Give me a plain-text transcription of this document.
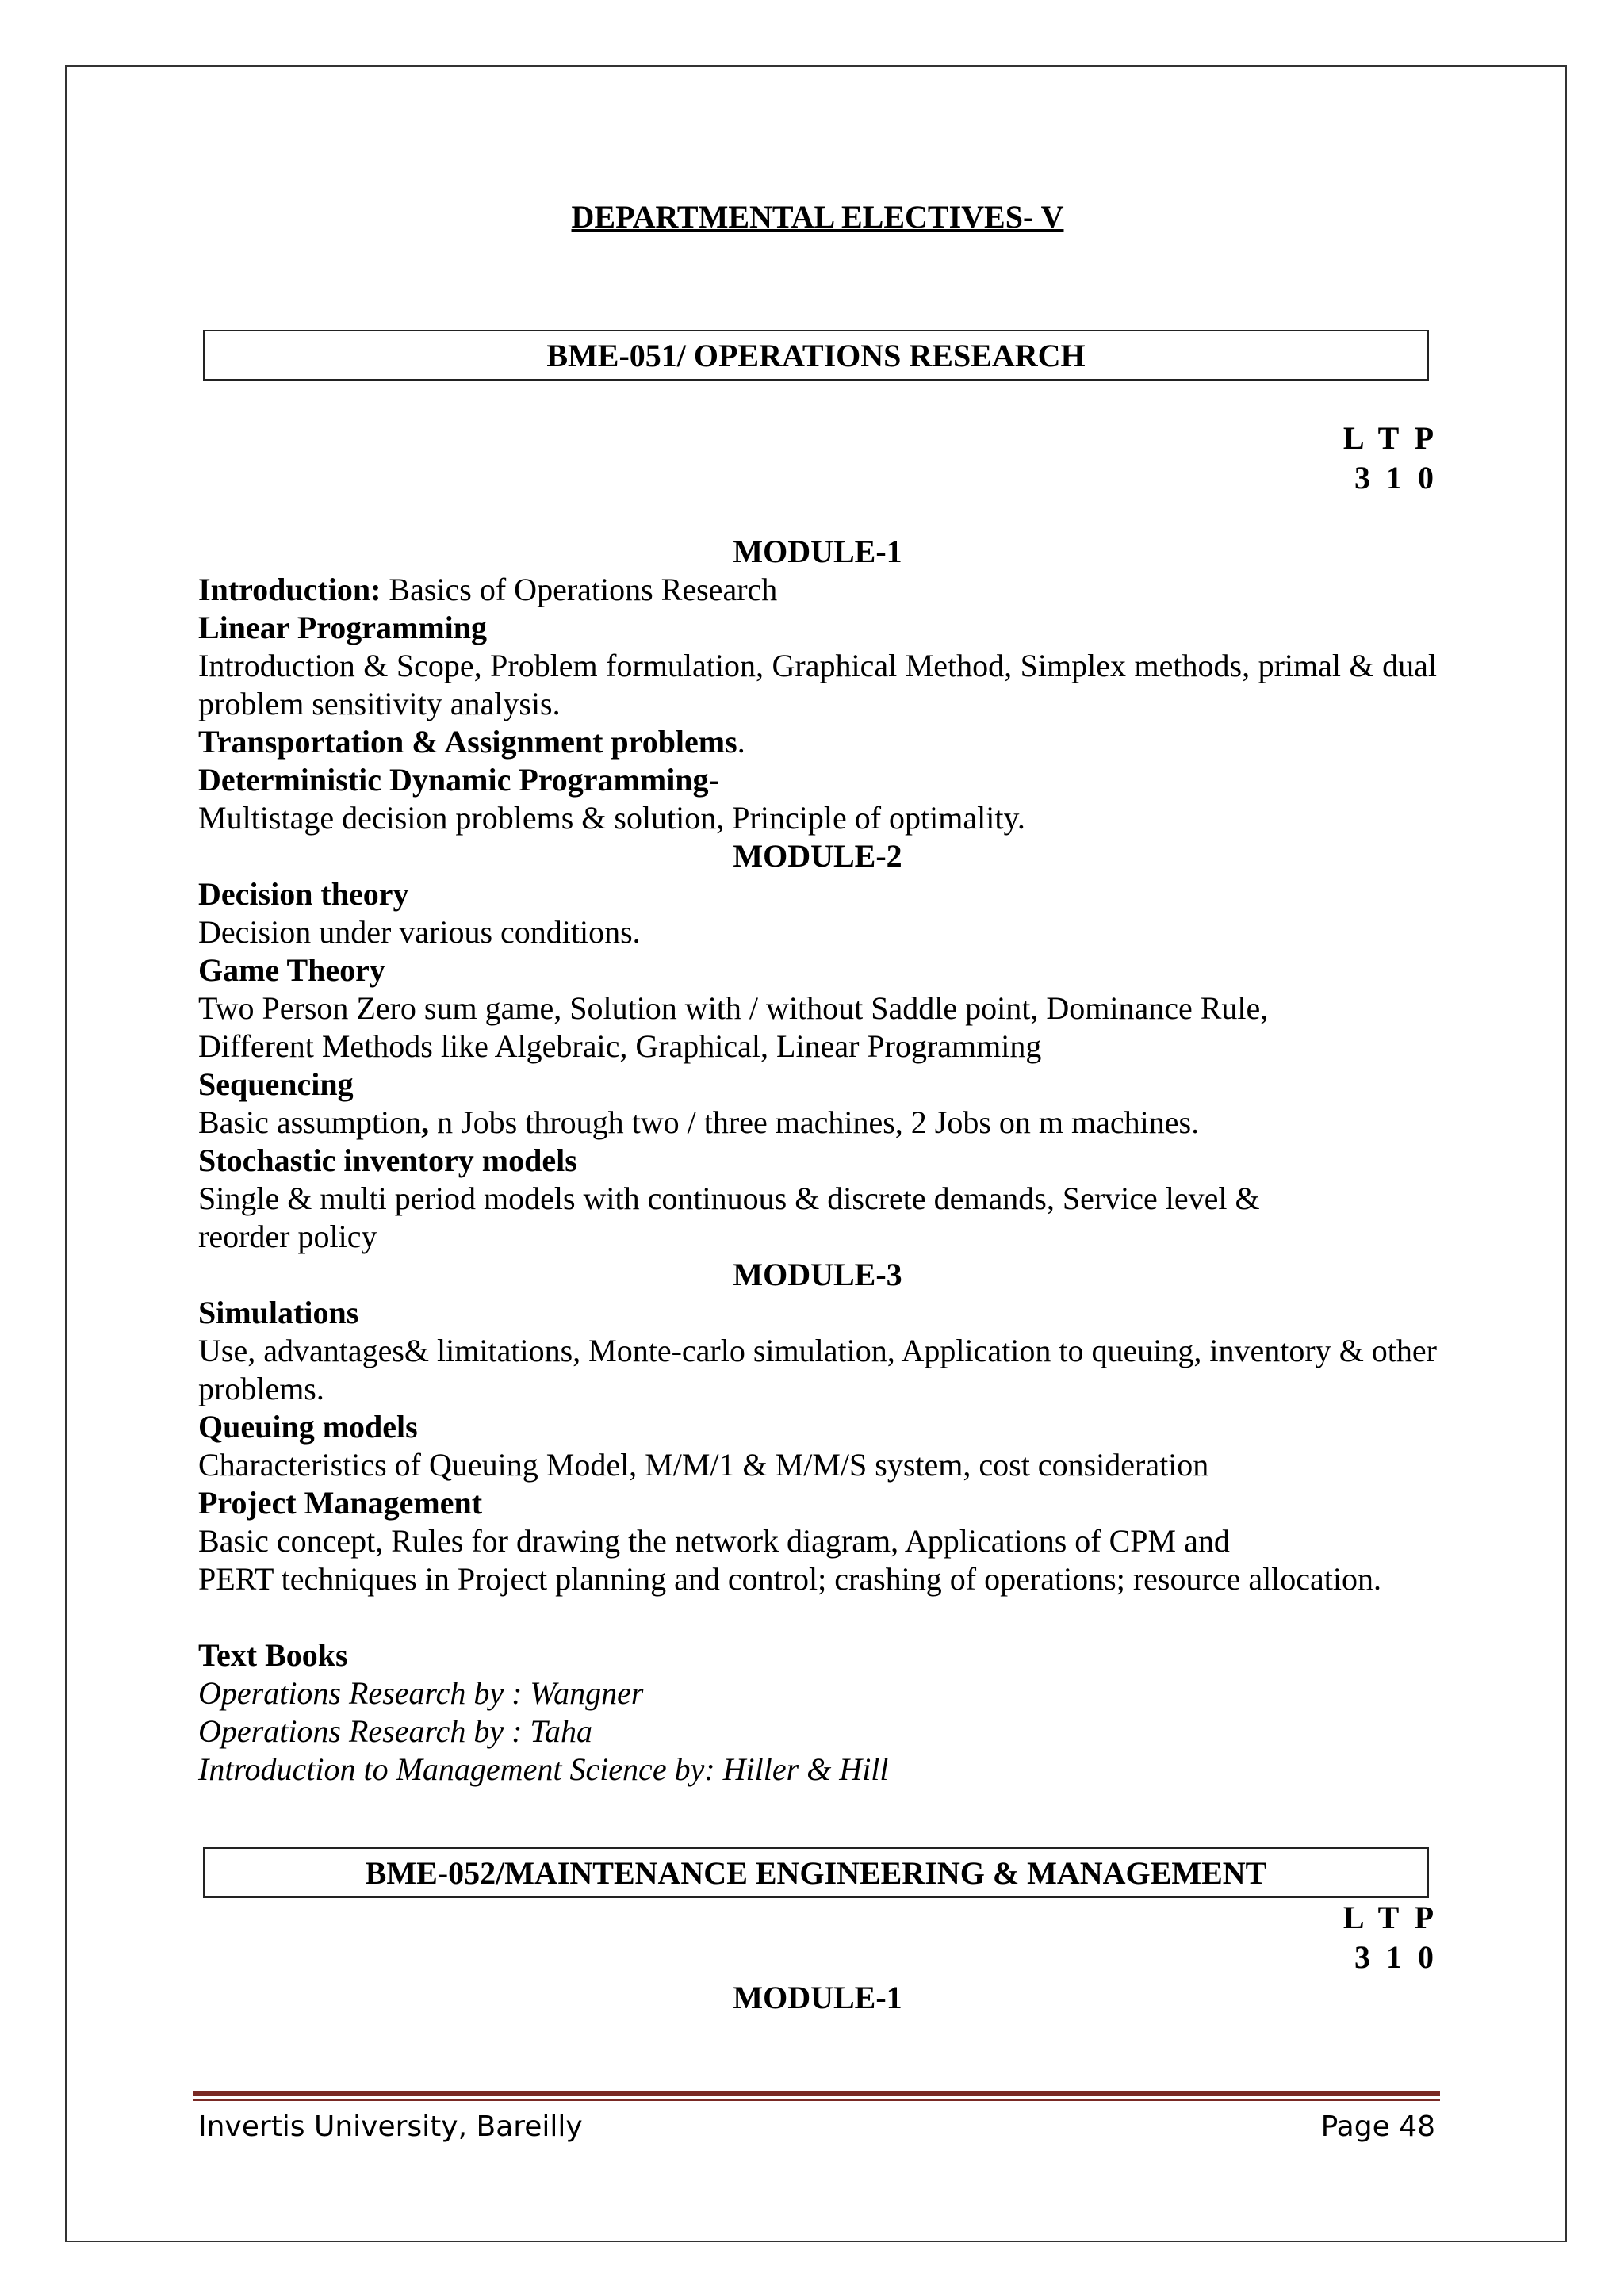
DEPARTMENTAL ELECTIVES- V
BME-051/ OPERATIONS RESEARCH
L T P
3 1 0
MODULE-1

Introduction: Basics of Operations Research

Linear Programming

Introduction & Scope, Problem formulation, Graphical Method, Simplex methods, primal & dual problem sensitivity analysis.

Transportation & Assignment problems.

Deterministic Dynamic Programming-

Multistage decision problems & solution, Principle of optimality.

MODULE-2

Decision theory

Decision under various conditions.

Game Theory

Two Person Zero sum game, Solution with / without Saddle point, Dominance Rule,

Different Methods like Algebraic, Graphical, Linear Programming

Sequencing

Basic assumption, n Jobs through two / three machines, 2 Jobs on m machines.

Stochastic inventory models

Single & multi period models with continuous & discrete demands, Service level &

reorder policy

MODULE-3

Simulations

Use, advantages& limitations, Monte-carlo simulation, Application to queuing, inventory & other problems.

Queuing models

Characteristics of Queuing Model, M/M/1 & M/M/S system, cost consideration

Project Management

Basic concept, Rules for drawing the network diagram, Applications of CPM and

PERT techniques in Project planning and control; crashing of operations; resource allocation.

Text Books

Operations Research by : Wangner

Operations Research by : Taha

Introduction to Management Science by: Hiller & Hill

BME-052/MAINTENANCE ENGINEERING & MANAGEMENT
L T P
3 1 0
MODULE-1
Invertis University, Bareilly	Page 48
